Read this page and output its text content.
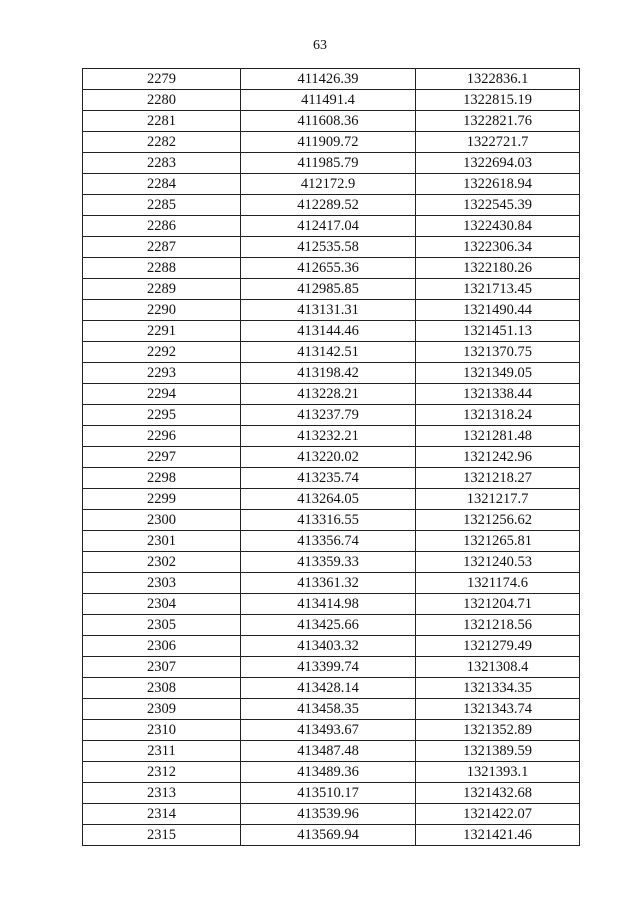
63
2279	411426.39	1322836.1
2280	411491.4	1322815.19
2281	411608.36	1322821.76
2282	411909.72	1322721.7
2283	411985.79	1322694.03
2284	412172.9	1322618.94
2285	412289.52	1322545.39
2286	412417.04	1322430.84
2287	412535.58	1322306.34
2288	412655.36	1322180.26
2289	412985.85	1321713.45
2290	413131.31	1321490.44
2291	413144.46	1321451.13
2292	413142.51	1321370.75
2293	413198.42	1321349.05
2294	413228.21	1321338.44
2295	413237.79	1321318.24
2296	413232.21	1321281.48
2297	413220.02	1321242.96
2298	413235.74	1321218.27
2299	413264.05	1321217.7
2300	413316.55	1321256.62
2301	413356.74	1321265.81
2302	413359.33	1321240.53
2303	413361.32	1321174.6
2304	413414.98	1321204.71
2305	413425.66	1321218.56
2306	413403.32	1321279.49
2307	413399.74	1321308.4
2308	413428.14	1321334.35
2309	413458.35	1321343.74
2310	413493.67	1321352.89
2311	413487.48	1321389.59
2312	413489.36	1321393.1
2313	413510.17	1321432.68
2314	413539.96	1321422.07
2315	413569.94	1321421.46
